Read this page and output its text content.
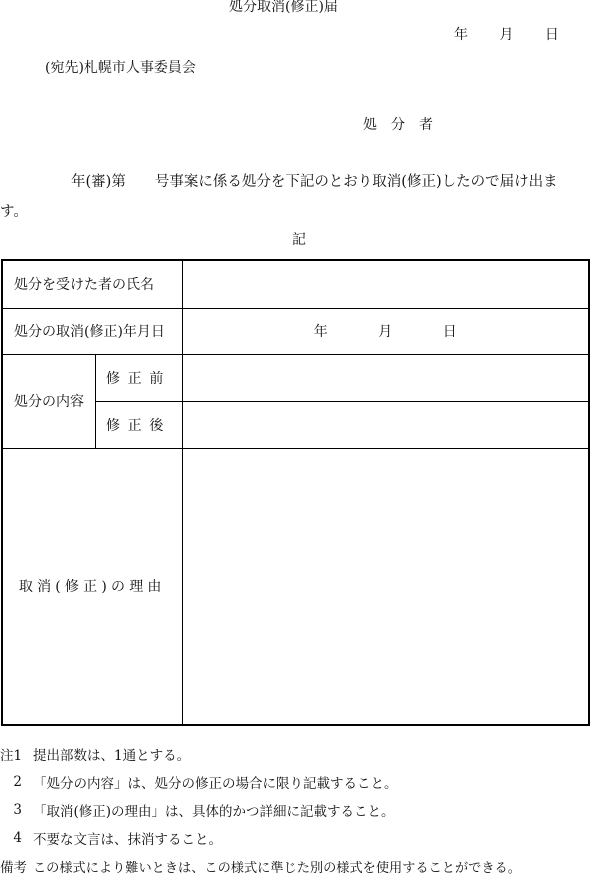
処分取消(修正)届
年 月 日
(宛先)札幌市人事委員会
処　分　者
年(審)第　　号事案に係る処分を下記のとおり取消(修正)したので届け出ま
す。
記
処分を受けた者の氏名		
処分の取消(修正)年月日		年 月 日
処分の内容	修正前	
	修正後	
取消(修正)の理由		
注1 提出部数は、1通とする。
2 「処分の内容」は、処分の修正の場合に限り記載すること。
3 「取消(修正)の理由」は、具体的かつ詳細に記載すること。
4 不要な文言は、抹消すること。
備考 この様式により難いときは、この様式に準じた別の様式を使用することができる。
